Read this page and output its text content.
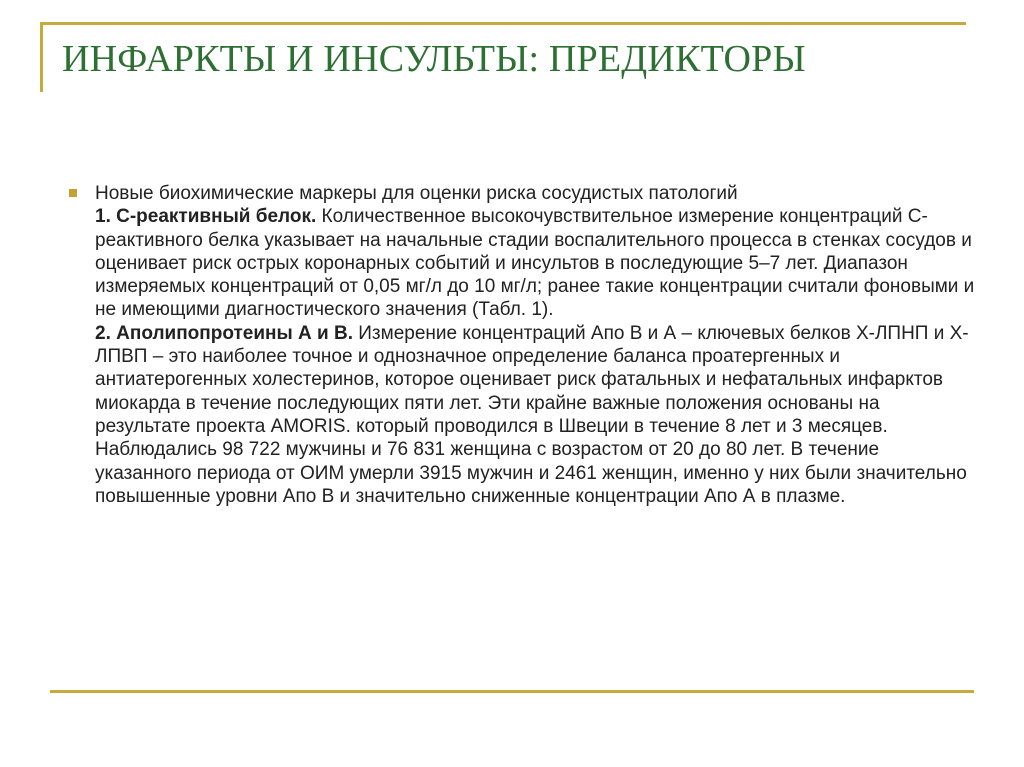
ИНФАРКТЫ И ИНСУЛЬТЫ: ПРЕДИКТОРЫ

Новые биохимические маркеры для оценки риска сосудистых патологий
1. С-реактивный белок. Количественное высокочувствительное измерение концентраций С-реактивного белка указывает на начальные стадии воспалительного процесса в стенках сосудов и оценивает риск острых коронарных событий и инсультов в последующие 5–7 лет. Диапазон измеряемых концентраций от 0,05 мг/л до 10 мг/л; ранее такие концентрации считали фоновыми и не имеющими диагностического значения (Табл. 1).
2. Аполипопротеины А и В. Измерение концентраций Апо В и А – ключевых белков Х-ЛПНП и Х-ЛПВП – это наиболее точное и однозначное определение баланса проатергенных и антиатерогенных холестеринов, которое оценивает риск фатальных и нефатальных инфарктов миокарда в течение последующих пяти лет. Эти крайне важные положения основаны на результате проекта AMORIS. который проводился в Швеции в течение 8 лет и 3 месяцев. Наблюдались 98 722 мужчины и 76 831 женщина с возрастом от 20 до 80 лет. В течение указанного периода от ОИМ умерли 3915 мужчин и 2461 женщин, именно у них были значительно повышенные уровни Апо В и значительно сниженные концентрации Апо А в плазме.
